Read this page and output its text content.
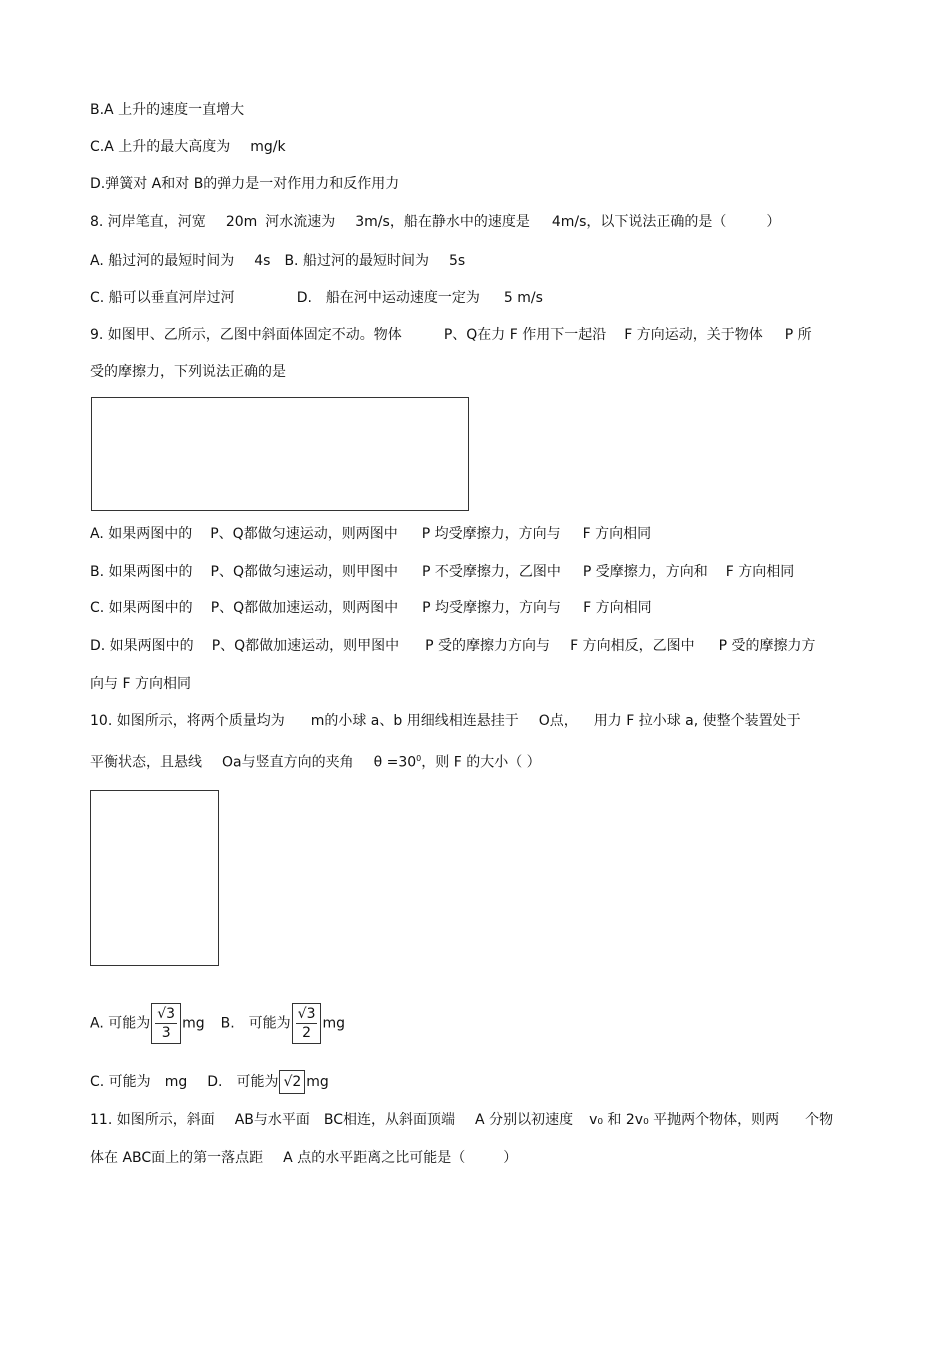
B.A 上升的速度一直增大
C.A 上升的最大高度为 mg/k
D.弹簧对 A和对 B的弹力是一对作用力和反作用力
8. 河岸笔直，河宽 20m 河水流速为 3m/s，船在静水中的速度是 4m/s，以下说法正确的是（	）
A. 船过河的最短时间为 4s B. 船过河的最短时间为 5s
C. 船可以垂直河岸过河	D. 船在河中运动速度一定为 5 m/s
9. 如图甲、乙所示，乙图中斜面体固定不动。物体	P、Q在力 F 作用下一起沿 F 方向运动，关于物体 P 所
受的摩擦力，下列说法正确的是
A. 如果两图中的 P、Q都做匀速运动，则两图中 P 均受摩擦力，方向与 F 方向相同
B. 如果两图中的 P、Q都做匀速运动，则甲图中 P 不受摩擦力，乙图中 P 受摩擦力，方向和 F 方向相同
C. 如果两图中的 P、Q都做加速运动，则两图中 P 均受摩擦力，方向与 F 方向相同
D. 如果两图中的 P、Q都做加速运动，则甲图中 P 受的摩擦力方向与 F 方向相反，乙图中 P 受的摩擦力方
向与 F 方向相同
10. 如图所示，将两个质量均为 m的小球 a、b 用细线相连悬挂于 O点， 用力 F 拉小球 a, 使整个装置处于
平衡状态，且悬线 Oa与竖直方向的夹角 $\theta =30^0$，则 F 的大小（ ）
A. 可能为 $\frac{√3}{3}$ mg B. 可能为 $\frac{√3}{2}$ mg
C. 可能为 mg D. 可能为 √2 mg
11. 如图所示，斜面 AB与水平面 BC相连，从斜面顶端 A 分别以初速度 v₀ 和 2v₀ 平抛两个物体，则两 个物
体在 ABC面上的第一落点距 A 点的水平距离之比可能是（	）
